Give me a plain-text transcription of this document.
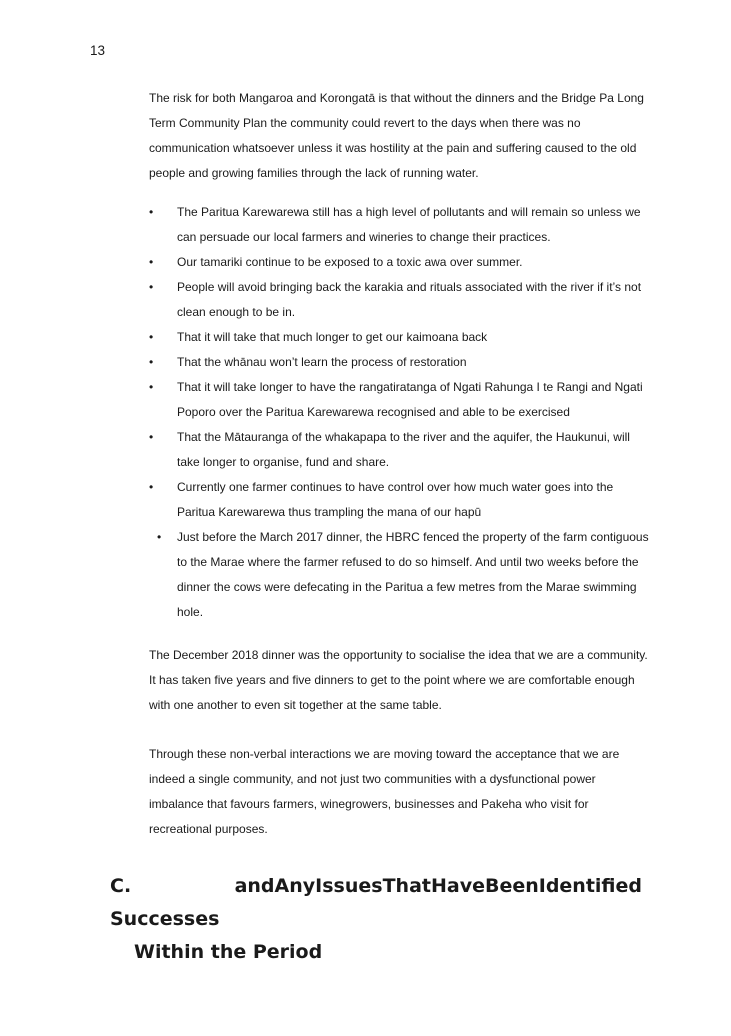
13

The risk for both Mangaroa and Korongatā is that without the dinners and the Bridge Pa Long Term Community Plan the community could revert to the days when there was no communication whatsoever unless it was hostility at the pain and suffering caused to the old people and growing families through the lack of running water.

•	The Paritua Karewarewa still has a high level of pollutants and will remain so unless we can persuade our local farmers and wineries to change their practices.
•	Our tamariki continue to be exposed to a toxic awa over summer.
•	People will avoid bringing back the karakia and rituals associated with the river if it’s not clean enough to be in.
•	That it will take that much longer to get our kaimoana back
•	That the whānau won’t learn the process of restoration
•	That it will take longer to have the rangatiratanga of Ngati Rahunga I te Rangi and Ngati Poporo over the Paritua Karewarewa recognised and able to be exercised
•	That the Mātauranga of the whakapapa to the river and the aquifer, the Haukunui, will take longer to organise, fund and share.
•	Currently one farmer continues to have control over how much water goes into the Paritua Karewarewa thus trampling the mana of our hapū
•	Just before the March 2017 dinner, the HBRC fenced the property of the farm contiguous to the Marae where the farmer refused to do so himself. And until two weeks before the dinner the cows were defecating in the Paritua a few metres from the Marae swimming hole.

The December 2018 dinner was the opportunity to socialise the idea that we are a community. It has taken five years and five dinners to get to the point where we are comfortable enough with one another to even sit together at the same table.

Through these non-verbal interactions we are moving toward the acceptance that we are indeed a single community, and not just two communities with a dysfunctional power imbalance that favours farmers, winegrowers, businesses and Pakeha who visit for recreational purposes.

C. Successes
and Any Issues That Have Been Identified
Within the Period
